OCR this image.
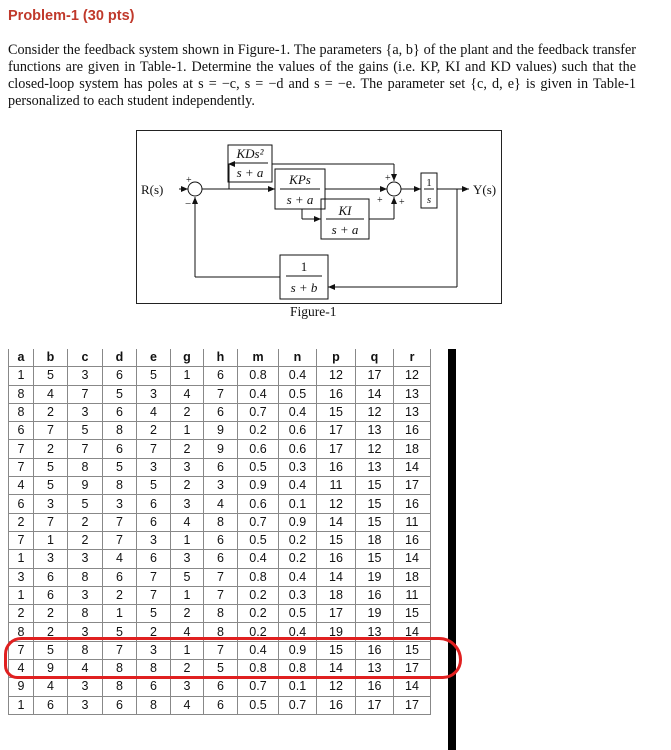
Problem-1 (30 pts)
Consider the feedback system shown in Figure-1. The parameters {a, b} of the plant and the feedback transfer functions are given in Table-1. Determine the values of the gains (i.e. KP, KI and KD values) such that the closed-loop system has poles at s = −c, s = −d and s = −e. The parameter set {c, d, e} is given in Table-1 personalized to each student independently.
R(s)	Y(s)
+
−
+
+ +
KDs²
s + a KPs
s + a
KI
s + a
1
s
1
s + b
Figure-1
a	b	c	d	e	g	h	m	n	p	q	r
1	5	3	6	5	1	6	0.8	0.4	12	17	12
8	4	7	5	3	4	7	0.4	0.5	16	14	13
8	2	3	6	4	2	6	0.7	0.4	15	12	13
6	7	5	8	2	1	9	0.2	0.6	17	13	16
7	2	7	6	7	2	9	0.6	0.6	17	12	18
7	5	8	5	3	3	6	0.5	0.3	16	13	14
4	5	9	8	5	2	3	0.9	0.4	11	15	17
6	3	5	3	6	3	4	0.6	0.1	12	15	16
2	7	2	7	6	4	8	0.7	0.9	14	15	11
7	1	2	7	3	1	6	0.5	0.2	15	18	16
1	3	3	4	6	3	6	0.4	0.2	16	15	14
3	6	8	6	7	5	7	0.8	0.4	14	19	18
1	6	3	2	7	1	7	0.2	0.3	18	16	11
2	2	8	1	5	2	8	0.2	0.5	17	19	15
8	2	3	5	2	4	8	0.2	0.4	19	13	14
7	5	8	7	3	1	7	0.4	0.9	15	16	15
4	9	4	8	8	2	5	0.8	0.8	14	13	17
9	4	3	8	6	3	6	0.7	0.1	12	16	14
1	6	3	6	8	4	6	0.5	0.7	16	17	17
